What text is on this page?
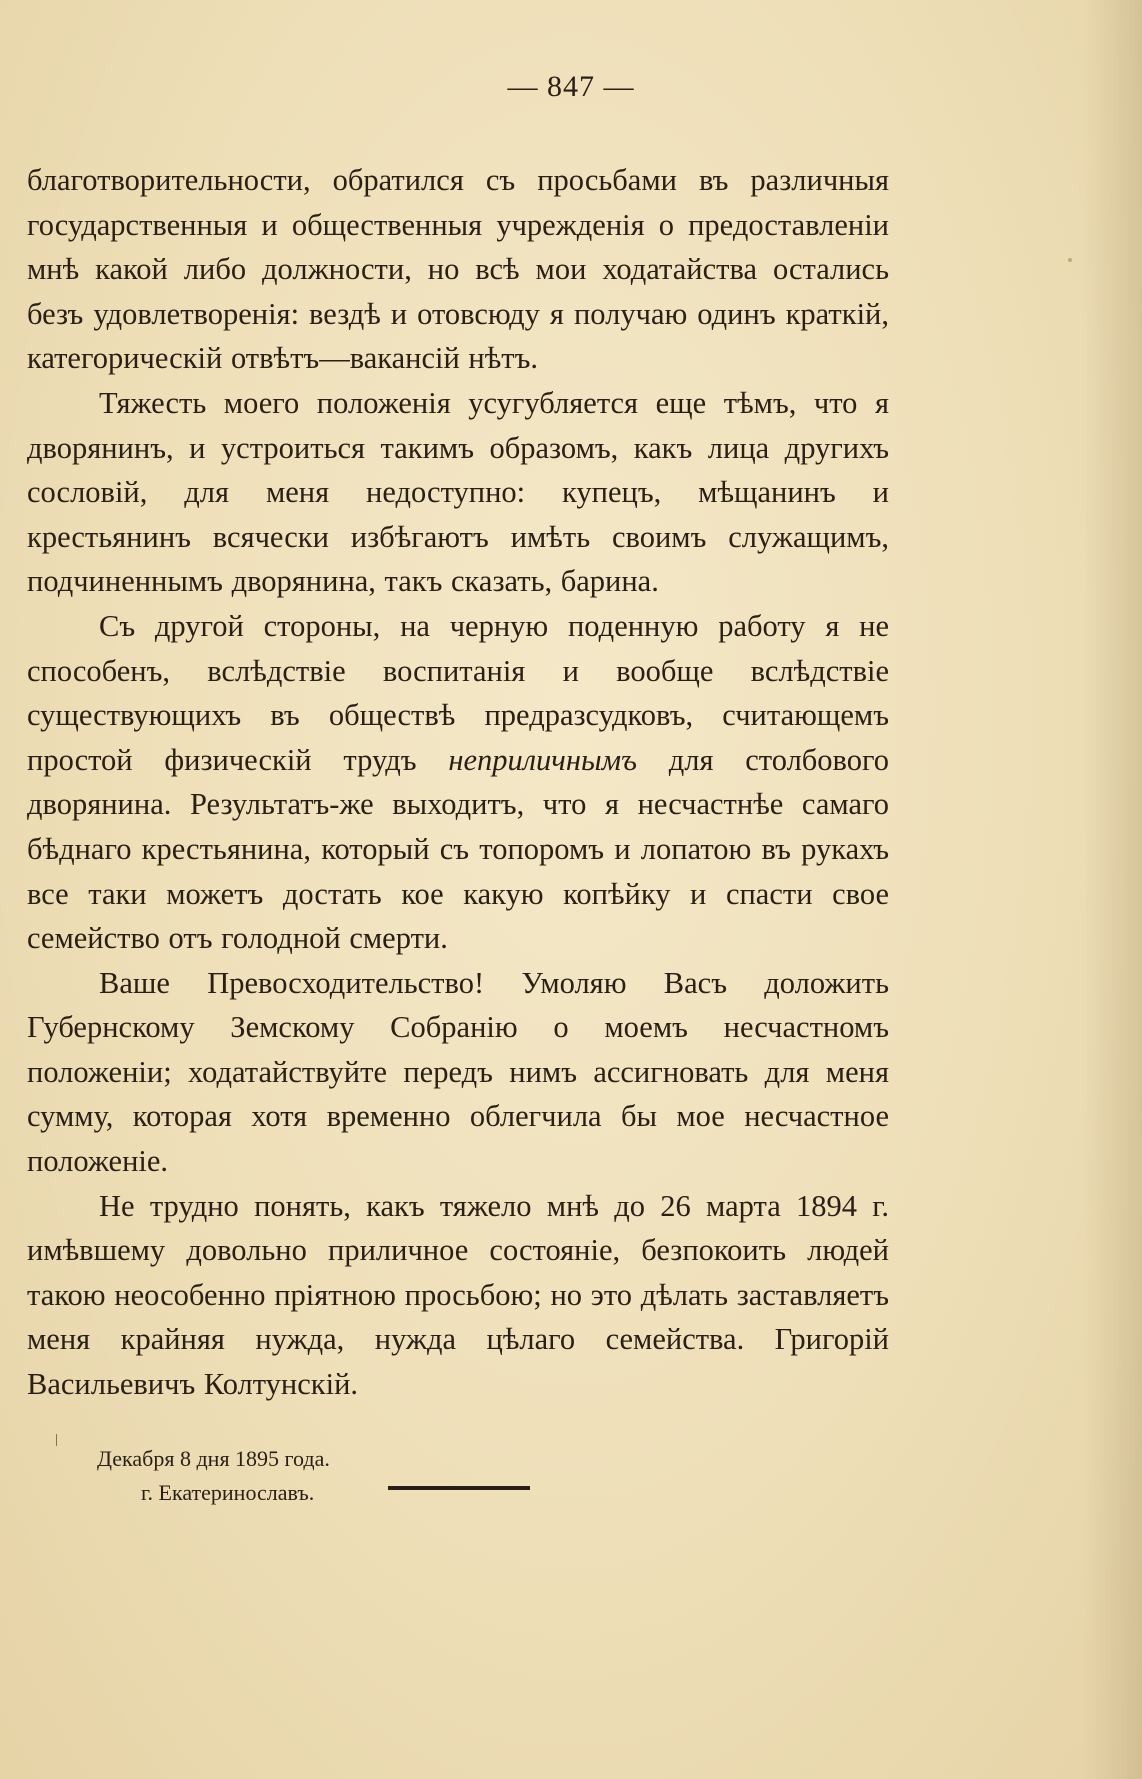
— 847 —

благотворительности, обратился съ просьбами въ различныя государственныя и общественныя учрежденія о предоставленіи мнѣ какой либо должности, но всѣ мои ходатайства остались безъ удовлетворенія: вездѣ и отовсюду я получаю одинъ краткій, категорическій отвѣтъ—вакансій нѣтъ.

Тяжесть моего положенія усугубляется еще тѣмъ, что я дворянинъ, и устроиться такимъ образомъ, какъ лица другихъ сословій, для меня недоступно: купецъ, мѣщанинъ и крестьянинъ всячески избѣгаютъ имѣть своимъ служащимъ, подчиненнымъ дворянина, такъ сказать, барина.

Съ другой стороны, на черную поденную работу я не способенъ, вслѣдствіе воспитанія и вообще вслѣдствіе существующихъ въ обществѣ предразсудковъ, считающемъ простой физическій трудъ неприличнымъ для столбового дворянина. Результатъ-же выходитъ, что я несчастнѣе самаго бѣднаго крестьянина, который съ топоромъ и лопатою въ рукахъ все таки можетъ достать кое какую копѣйку и спасти свое семейство отъ голодной смерти.

Ваше Превосходительство! Умоляю Васъ доложить Губернскому Земскому Собранію о моемъ несчастномъ положеніи; ходатайствуйте передъ нимъ ассигновать для меня сумму, которая хотя временно облегчила бы мое несчастное положеніе.

Не трудно понять, какъ тяжело мнѣ до 26 марта 1894 г. имѣвшему довольно приличное состояніе, безпокоить людей такою неособенно пріятною просьбою; но это дѣлать заставляетъ меня крайняя нужда, нужда цѣлаго семейства. Григорій Васильевичъ Колтунскій.

Декабря 8 дня 1895 года.
г. Екатеринославъ.
